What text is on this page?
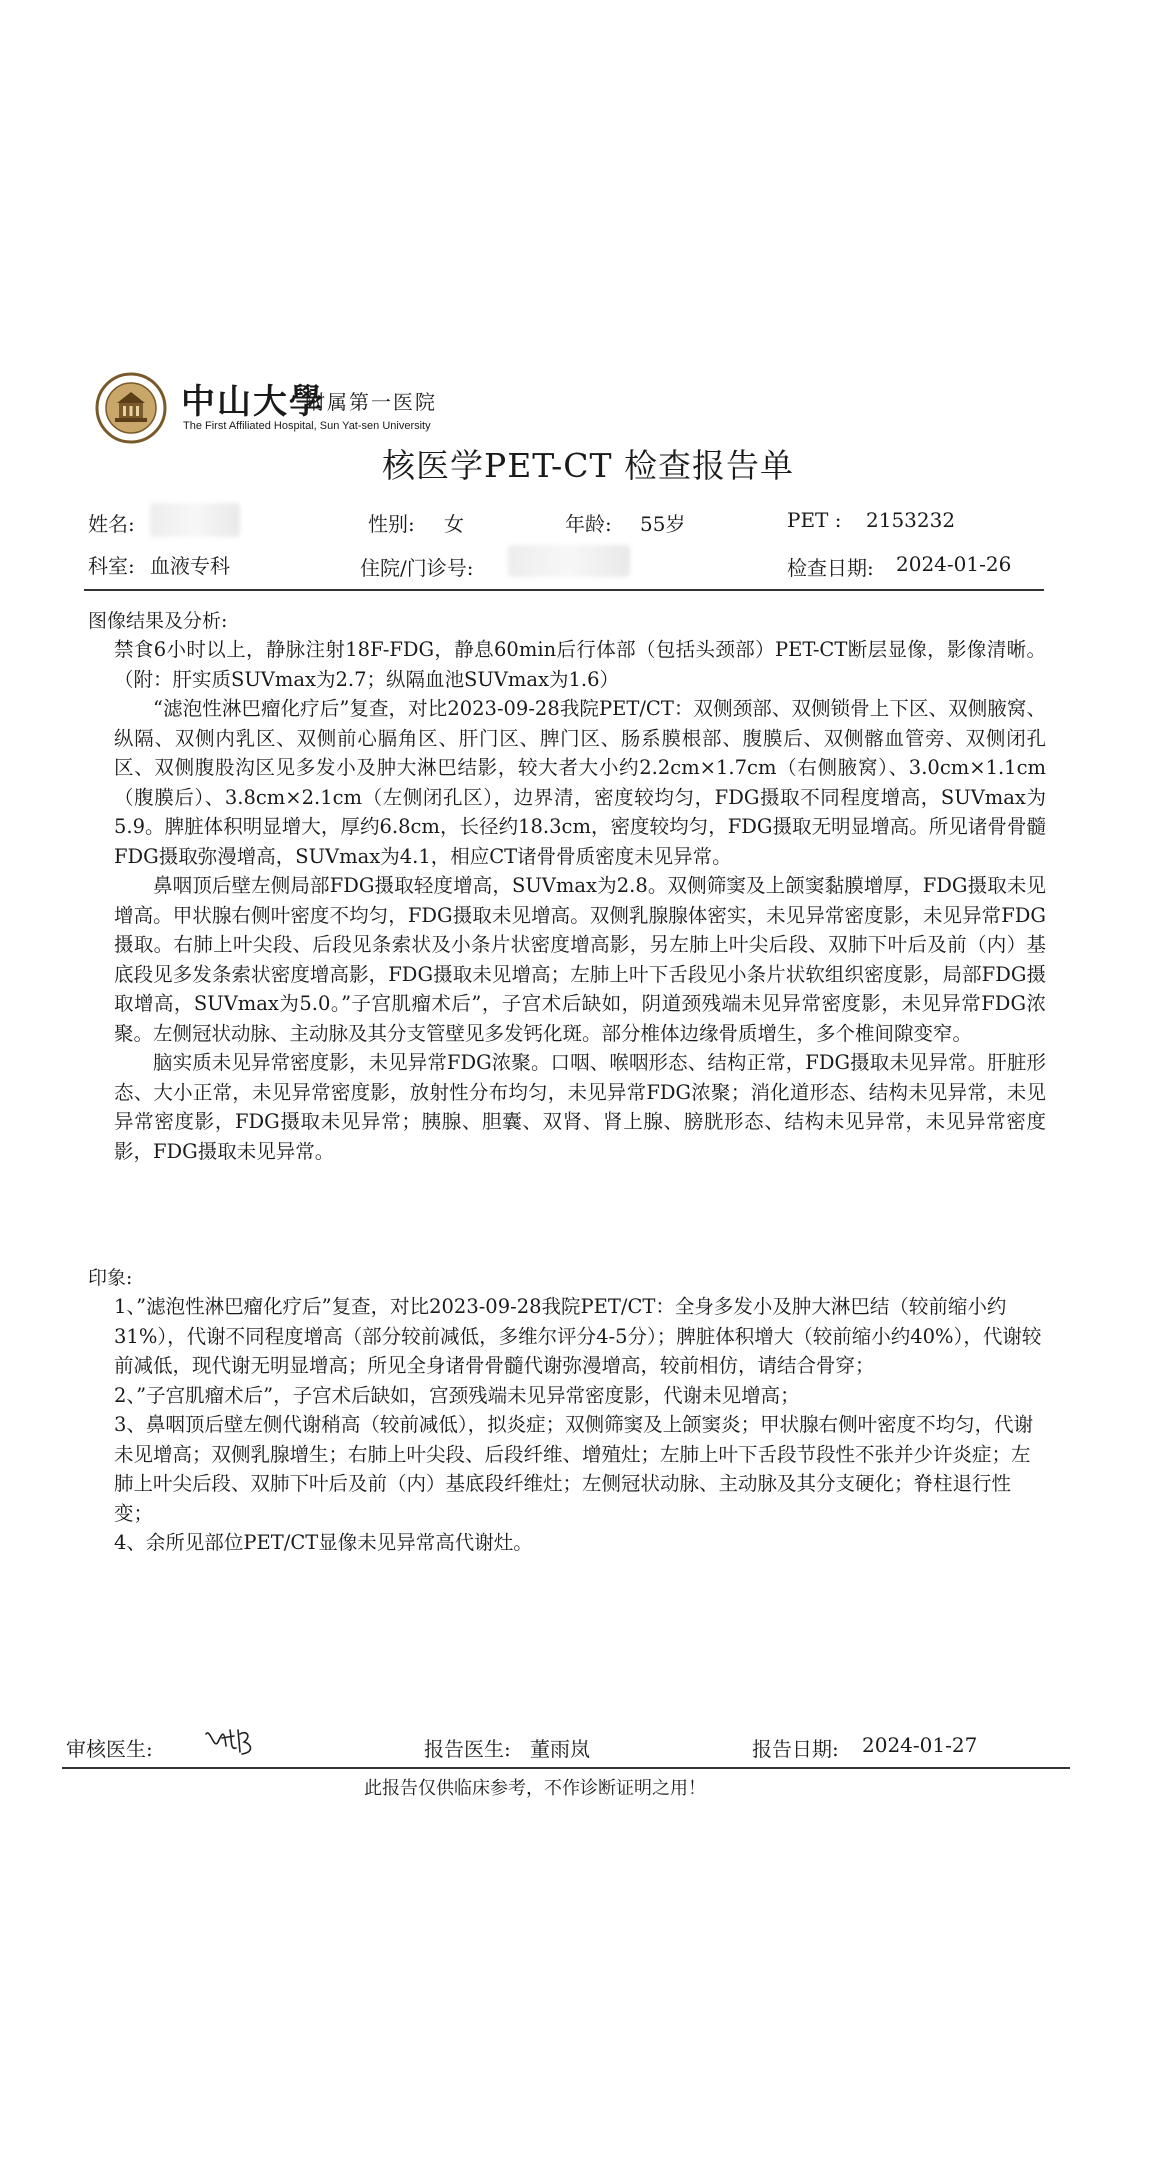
中山大學
附属第一医院
The First Affiliated Hospital, Sun Yat-sen University
核医学PET-CT 检查报告单
姓名:	性别: 女	年龄: 55岁	PET : 2153232
科室: 血液专科	住院/门诊号:	检查日期: 2024-01-26
图像结果及分析:
禁食6小时以上，静脉注射18F-FDG，静息60min后行体部（包括头颈部）PET-CT断层显像，影像清晰。（附：肝实质SUVmax为2.7；纵隔血池SUVmax为1.6）
“滤泡性淋巴瘤化疗后”复查，对比2023-09-28我院PET/CT：双侧颈部、双侧锁骨上下区、双侧腋窝、纵隔、双侧内乳区、双侧前心膈角区、肝门区、脾门区、肠系膜根部、腹膜后、双侧髂血管旁、双侧闭孔区、双侧腹股沟区见多发小及肿大淋巴结影，较大者大小约2.2cm×1.7cm（右侧腋窝）、3.0cm×1.1cm（腹膜后）、3.8cm×2.1cm（左侧闭孔区），边界清，密度较均匀，FDG摄取不同程度增高，SUVmax为5.9。脾脏体积明显增大，厚约6.8cm，长径约18.3cm，密度较均匀，FDG摄取无明显增高。所见诸骨骨髓FDG摄取弥漫增高，SUVmax为4.1，相应CT诸骨骨质密度未见异常。
鼻咽顶后壁左侧局部FDG摄取轻度增高，SUVmax为2.8。双侧筛窦及上颌窦黏膜增厚，FDG摄取未见增高。甲状腺右侧叶密度不均匀，FDG摄取未见增高。双侧乳腺腺体密实，未见异常密度影，未见异常FDG摄取。右肺上叶尖段、后段见条索状及小条片状密度增高影，另左肺上叶尖后段、双肺下叶后及前（内）基底段见多发条索状密度增高影，FDG摄取未见增高；左肺上叶下舌段见小条片状软组织密度影，局部FDG摄取增高，SUVmax为5.0。”子宫肌瘤术后”，子宫术后缺如，阴道颈残端未见异常密度影，未见异常FDG浓聚。左侧冠状动脉、主动脉及其分支管壁见多发钙化斑。部分椎体边缘骨质增生，多个椎间隙变窄。
脑实质未见异常密度影，未见异常FDG浓聚。口咽、喉咽形态、结构正常，FDG摄取未见异常。肝脏形态、大小正常，未见异常密度影，放射性分布均匀，未见异常FDG浓聚；消化道形态、结构未见异常，未见异常密度影，FDG摄取未见异常；胰腺、胆囊、双肾、肾上腺、膀胱形态、结构未见异常，未见异常密度影，FDG摄取未见异常。
印象:
1、”滤泡性淋巴瘤化疗后”复查，对比2023-09-28我院PET/CT：全身多发小及肿大淋巴结（较前缩小约31%），代谢不同程度增高（部分较前减低，多维尔评分4-5分）；脾脏体积增大（较前缩小约40%），代谢较前减低，现代谢无明显增高；所见全身诸骨骨髓代谢弥漫增高，较前相仿，请结合骨穿；
2、”子宫肌瘤术后”，子宫术后缺如，宫颈残端未见异常密度影，代谢未见增高；
3、鼻咽顶后壁左侧代谢稍高（较前减低），拟炎症；双侧筛窦及上颌窦炎；甲状腺右侧叶密度不均匀，代谢未见增高；双侧乳腺增生；右肺上叶尖段、后段纤维、增殖灶；左肺上叶下舌段节段性不张并少许炎症；左肺上叶尖后段、双肺下叶后及前（内）基底段纤维灶；左侧冠状动脉、主动脉及其分支硬化；脊柱退行性变；
4、余所见部位PET/CT显像未见异常高代谢灶。
审核医生:	报告医生: 董雨岚	报告日期: 2024-01-27
此报告仅供临床参考，不作诊断证明之用！
